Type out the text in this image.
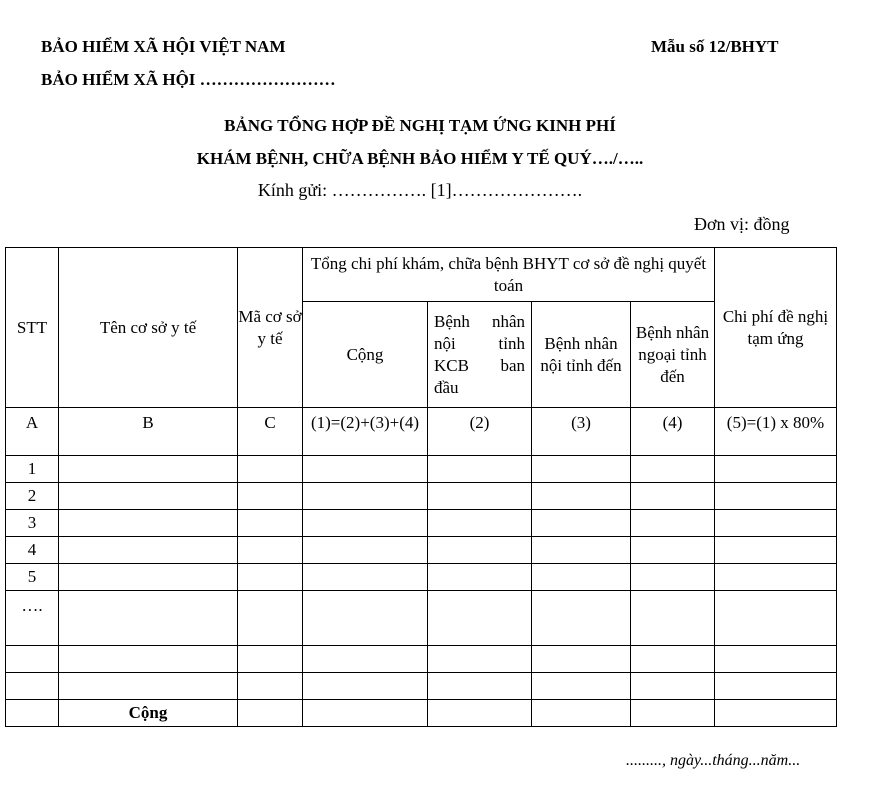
BẢO HIỂM XÃ HỘI VIỆT NAM
BẢO HIỂM XÃ HỘI ……………………
Mẫu số 12/BHYT
BẢNG TỔNG HỢP ĐỀ NGHỊ TẠM ỨNG KINH PHÍ
KHÁM BỆNH, CHỮA BỆNH BẢO HIỂM Y TẾ QUÝ…./…..
Kính gửi: ……………. [1]………………….
Đơn vị: đồng
STT	Tên cơ sở y tế	Mã cơ sở y tế	Tổng chi phí khám, chữa bệnh BHYT cơ sở đề nghị quyết toán				Chi phí đề nghị tạm ứng
			Cộng	Bệnh nhân nội tỉnh KCB ban đầu	Bệnh nhân nội tỉnh đến	Bệnh nhân ngoại tỉnh đến	
A	B	C	(1)=(2)+(3)+(4)	(2)	(3)	(4)	(5)=(1) x 80%
1							
2							
3							
4							
5							
….							

	Cộng						
........., ngày...tháng...năm...
